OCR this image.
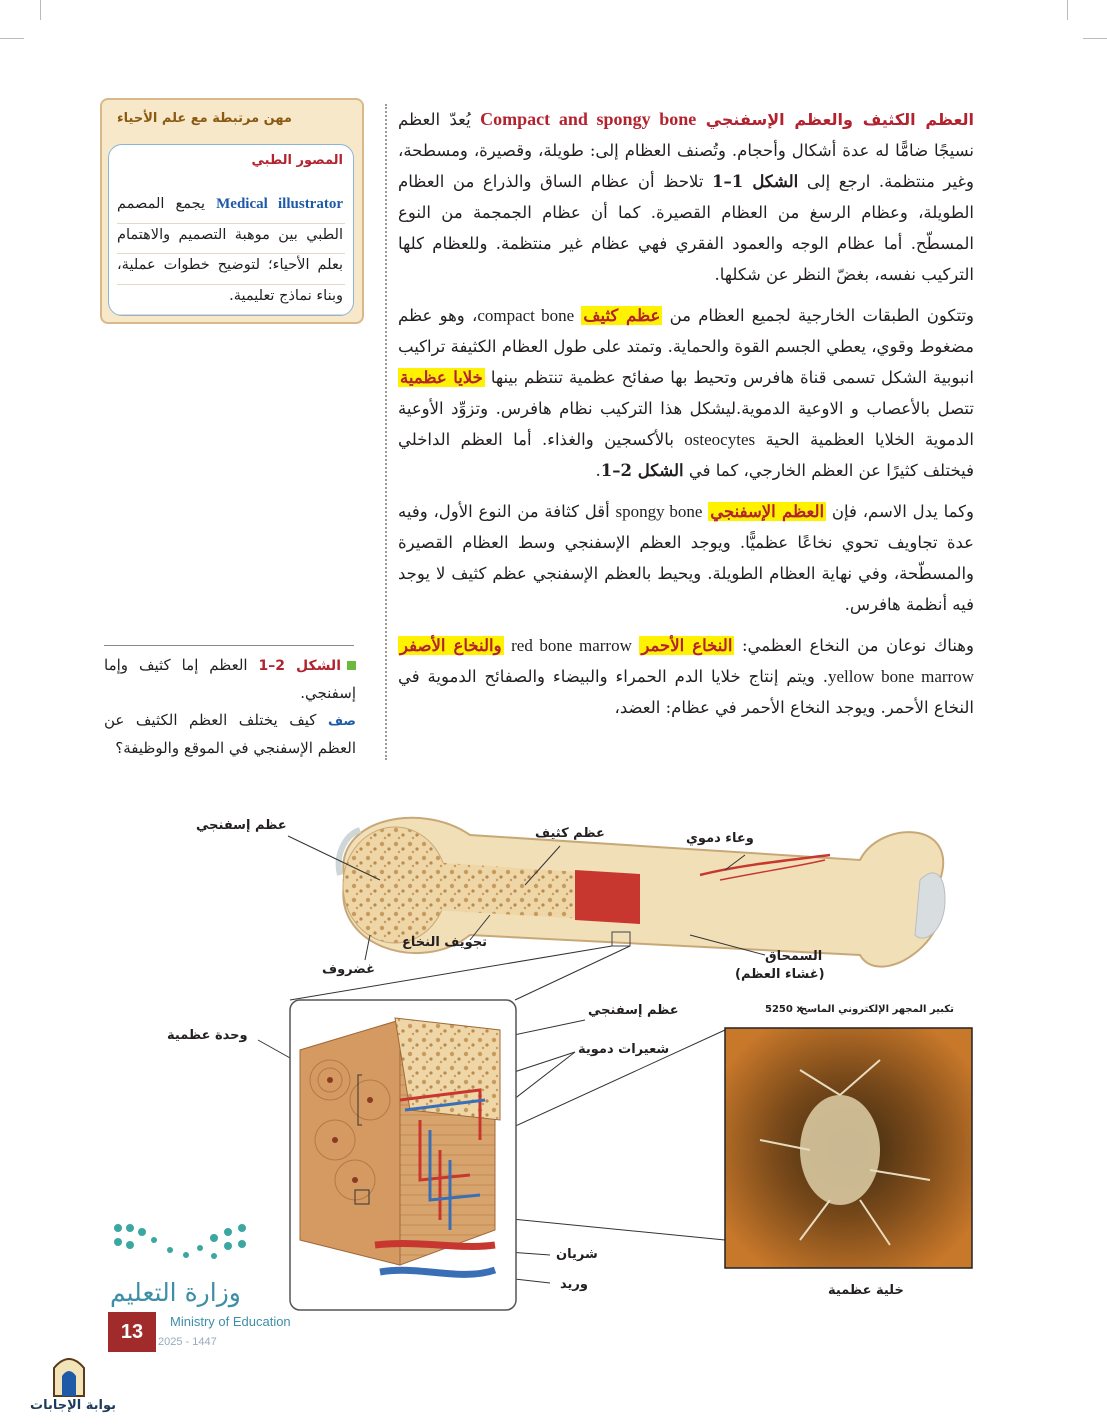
العظم الكثيف والعظم الإسفنجي Compact and spongy bone يُعدّ العظم نسيجًا ضامًّا له عدة أشكال وأحجام. وتُصنف العظام إلى: طويلة، وقصيرة، ومسطحة، وغير منتظمة. ارجع إلى الشكل 1–1 تلاحظ أن عظام الساق والذراع من العظام الطويلة، وعظام الرسغ من العظام القصيرة. كما أن عظام الجمجمة من النوع المسطّح. أما عظام الوجه والعمود الفقري فهي عظام غير منتظمة. وللعظام كلها التركيب نفسه، بغضّ النظر عن شكلها.

وتتكون الطبقات الخارجية لجميع العظام من عظم كثيف compact bone، وهو عظم مضغوط وقوي، يعطي الجسم القوة والحماية. وتمتد على طول العظام الكثيفة تراكيب انبوبية الشكل تسمى قناة هافرس وتحيط بها صفائح عظمية تنتظم بينها خلايا عظمية تتصل بالأعصاب و الاوعية الدموية.ليشكل هذا التركيب نظام هافرس. وتزوِّد الأوعية الدموية الخلايا العظمية الحية osteocytes بالأكسجين والغذاء. أما العظم الداخلي فيختلف كثيرًا عن العظم الخارجي، كما في الشكل 2–1.

وكما يدل الاسم، فإن العظم الإسفنجي spongy bone أقل كثافة من النوع الأول، وفيه عدة تجاويف تحوي نخاعًا عظميًّا. ويوجد العظم الإسفنجي وسط العظام القصيرة والمسطّحة، وفي نهاية العظام الطويلة. ويحيط بالعظم الإسفنجي عظم كثيف لا يوجد فيه أنظمة هافرس.

وهناك نوعان من النخاع العظمي: النخاع الأحمر red bone marrow والنخاع الأصفر yellow bone marrow. ويتم إنتاج خلايا الدم الحمراء والبيضاء والصفائح الدموية في النخاع الأحمر. ويوجد النخاع الأحمر في عظام: العضد،

مهن مرتبطة مع علم الأحياء
المصور الطبي
Medical illustrator يجمع المصمم الطبي بين موهبة التصميم والاهتمام بعلم الأحياء؛ لتوضيح خطوات عملية، وبناء نماذج تعليمية.
الشكل 2–1 العظم إما كثيف وإما إسفنجي.
صف كيف يختلف العظم الكثيف عن العظم الإسفنجي في الموقع والوظيفة؟
عظم إسفنجي
عظم كثيف	وعاء دموي
تجويف النخاع
غضروف
السمحاق
(غشاء العظم)
وحدة عظمية
عظم إسفنجي
شعيرات دموية
شريان
وريد
تكبير المجهر الإلكتروني الماسح
5250 x
خلية عظمية
وزارة التعليم
Ministry of Education
2025 - 1447
13
بوابة الإجابات
